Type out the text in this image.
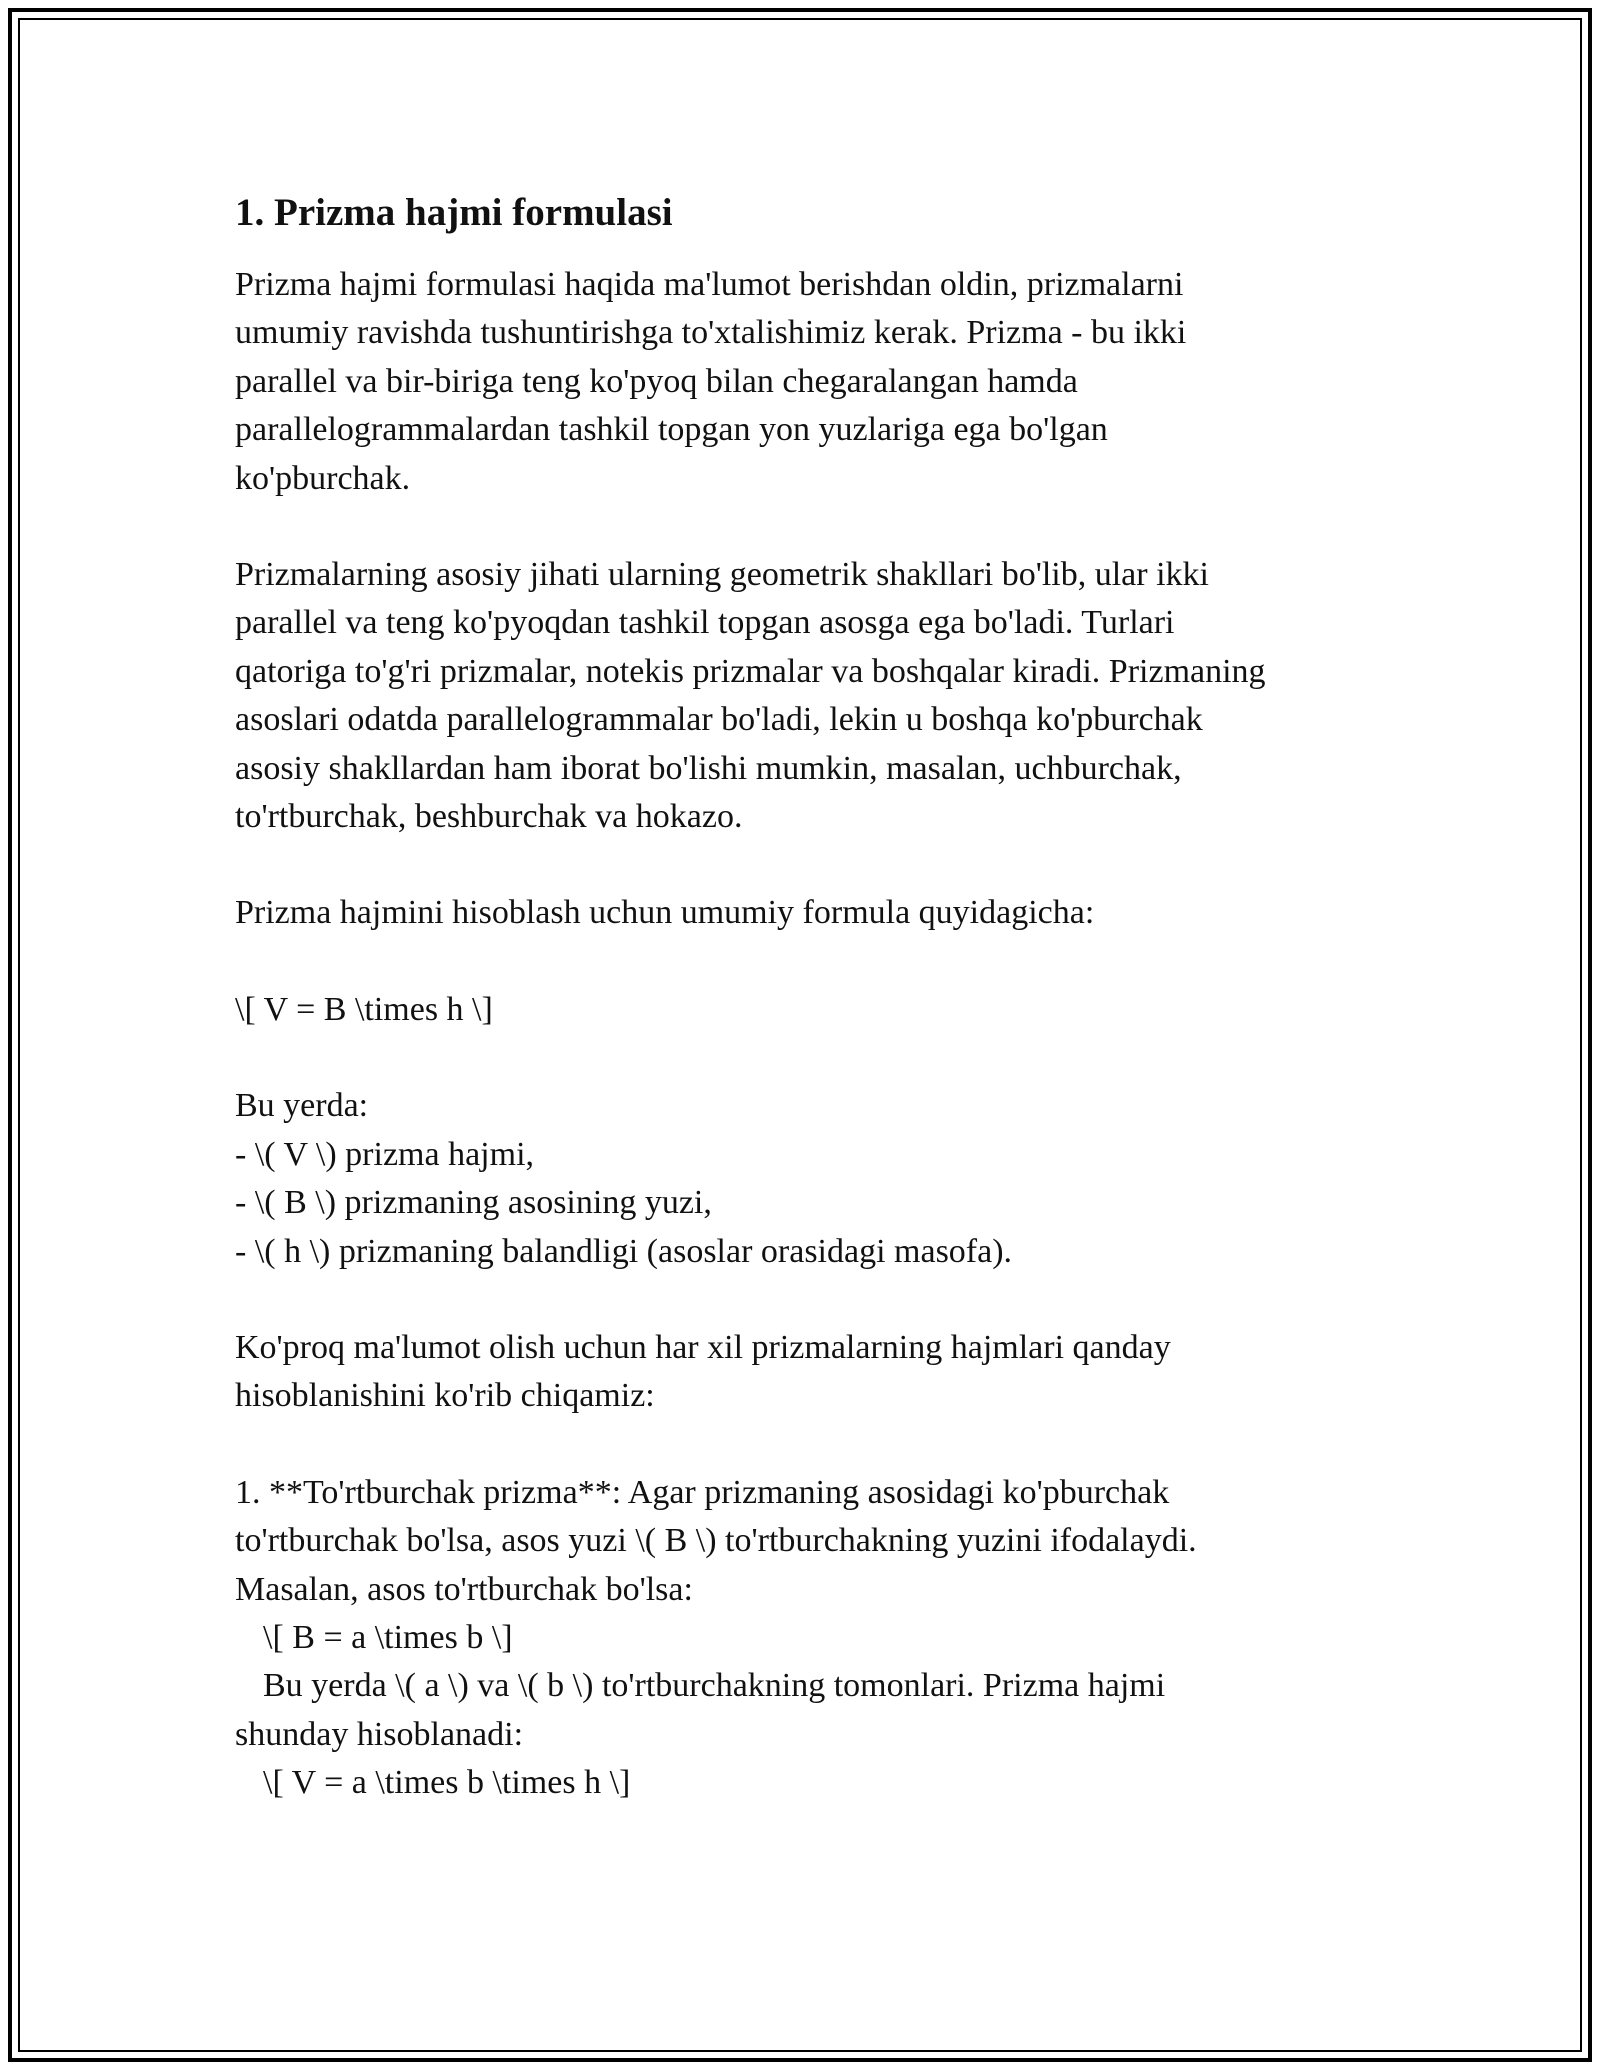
1. Prizma hajmi formulasi

Prizma hajmi formulasi haqida ma'lumot berishdan oldin, prizmalarni
umumiy ravishda tushuntirishga to'xtalishimiz kerak. Prizma - bu ikki
parallel va bir-biriga teng ko'pyoq bilan chegaralangan hamda
parallelogrammalardan tashkil topgan yon yuzlariga ega bo'lgan
ko'pburchak.

Prizmalarning asosiy jihati ularning geometrik shakllari bo'lib, ular ikki
parallel va teng ko'pyoqdan tashkil topgan asosga ega bo'ladi. Turlari
qatoriga to'g'ri prizmalar, notekis prizmalar va boshqalar kiradi. Prizmaning
asoslari odatda parallelogrammalar bo'ladi, lekin u boshqa ko'pburchak
asosiy shakllardan ham iborat bo'lishi mumkin, masalan, uchburchak,
to'rtburchak, beshburchak va hokazo.

Prizma hajmini hisoblash uchun umumiy formula quyidagicha:

\[ V = B \times h \]

Bu yerda:

- \( V \) prizma hajmi,

- \( B \) prizmaning asosining yuzi,

- \( h \) prizmaning balandligi (asoslar orasidagi masofa).

Ko'proq ma'lumot olish uchun har xil prizmalarning hajmlari qanday
hisoblanishini ko'rib chiqamiz:

1. **To'rtburchak prizma**: Agar prizmaning asosidagi ko'pburchak
to'rtburchak bo'lsa, asos yuzi \( B \) to'rtburchakning yuzini ifodalaydi.
Masalan, asos to'rtburchak bo'lsa:

\[ B = a \times b \]

Bu yerda \( a \) va \( b \) to'rtburchakning tomonlari. Prizma hajmi

shunday hisoblanadi:

\[ V = a \times b \times h \]
